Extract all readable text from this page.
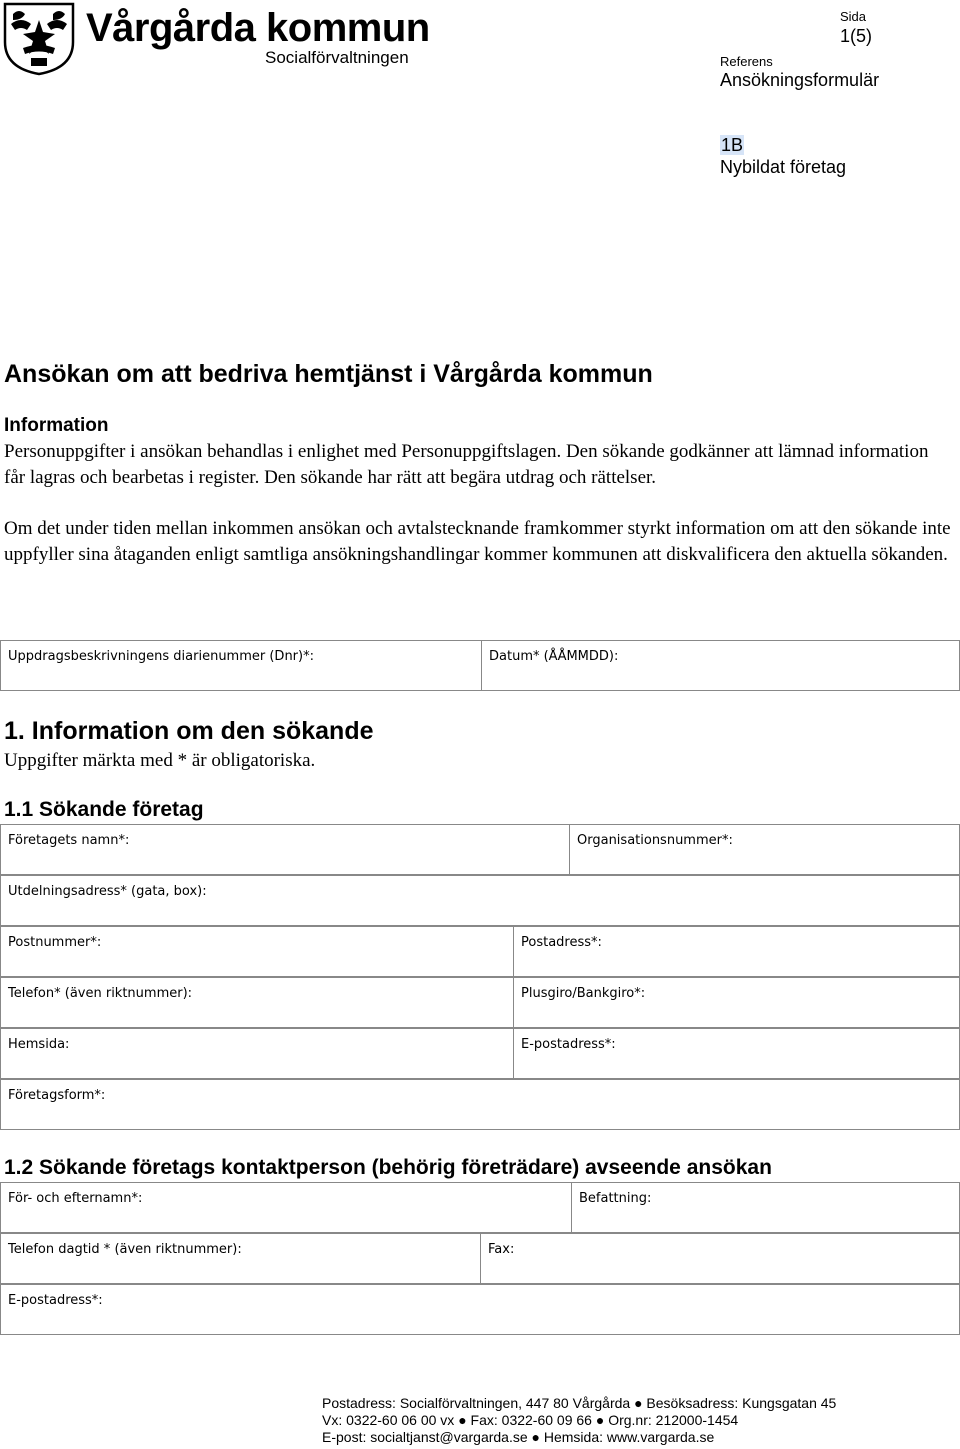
Vårgårda kommun
Socialförvaltningen
Sida
1(5)
Referens
Ansökningsformulär
1B
Nybildat företag
Ansökan om att bedriva hemtjänst i Vårgårda kommun
Information
Personuppgifter i ansökan behandlas i enlighet med Personuppgiftslagen. Den sökande godkänner att lämnad information får lagras och bearbetas i register. Den sökande har rätt att begära utdrag och rättelser.
Om det under tiden mellan inkommen ansökan och avtalstecknande framkommer styrkt information om att den sökande inte uppfyller sina åtaganden enligt samtliga ansökningshandlingar kommer kommunen att diskvalificera den aktuella sökanden.
Uppdragsbeskrivningens diarienummer (Dnr)*:	Datum* (ÅÅMMDD):
1. Information om den sökande
Uppgifter märkta med * är obligatoriska.
1.1 Sökande företag
Företagets namn*:	Organisationsnummer*:
Utdelningsadress* (gata, box):
Postnummer*:	Postadress*:
Telefon* (även riktnummer):	Plusgiro/Bankgiro*:
Hemsida:	E-postadress*:
Företagsform*:
1.2 Sökande företags kontaktperson (behörig företrädare) avseende ansökan
För- och efternamn*:	Befattning:
Telefon dagtid * (även riktnummer):	Fax:
E-postadress*:
Postadress: Socialförvaltningen, 447 80 Vårgårda ● Besöksadress: Kungsgatan 45
Vx: 0322-60 06 00 vx ● Fax: 0322-60 09 66 ● Org.nr: 212000-1454
E-post: socialtjanst@vargarda.se ● Hemsida: www.vargarda.se
